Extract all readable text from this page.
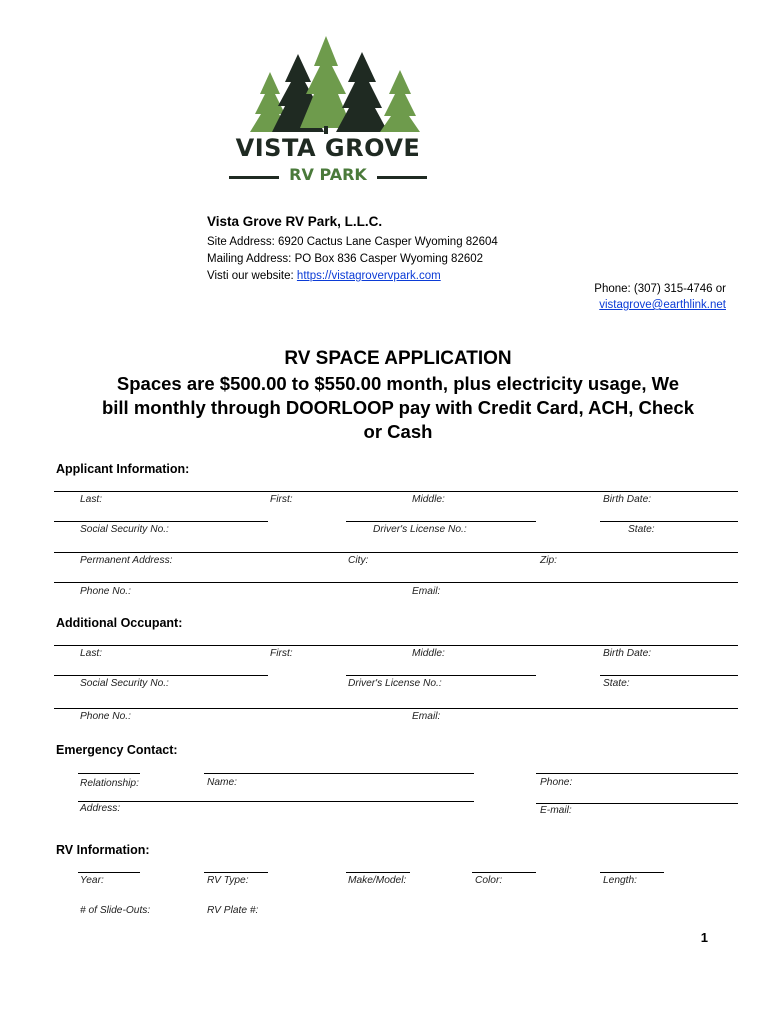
VISTA GROVE
RV PARK
Vista Grove RV Park, L.L.C.
Site Address: 6920 Cactus Lane Casper Wyoming 82604
Mailing Address: PO Box 836 Casper Wyoming 82602
Visti our website: https://vistagrovervpark.com
Phone: (307) 315-4746 or
vistagrove@earthlink.net
RV SPACE APPLICATION
Spaces are $500.00 to $550.00 month, plus electricity usage, We
bill monthly through DOORLOOP pay with Credit Card, ACH, Check
or Cash
Applicant Information:
Last:	First:	Middle:	Birth Date:
Social Security No.:	Driver's License No.:	State:
Permanent Address:	City:	Zip:
Phone No.:	Email:
Additional Occupant:
Last:	First:	Middle:	Birth Date:
Social Security No.:	Driver's License No.:	State:
Phone No.:	Email:
Emergency Contact:
Relationship:	Name:	Phone:
Address:	E-mail:
RV Information:
Year:	RV Type:	Make/Model:	Color:	Length:
# of Slide-Outs:	RV Plate #:
1
